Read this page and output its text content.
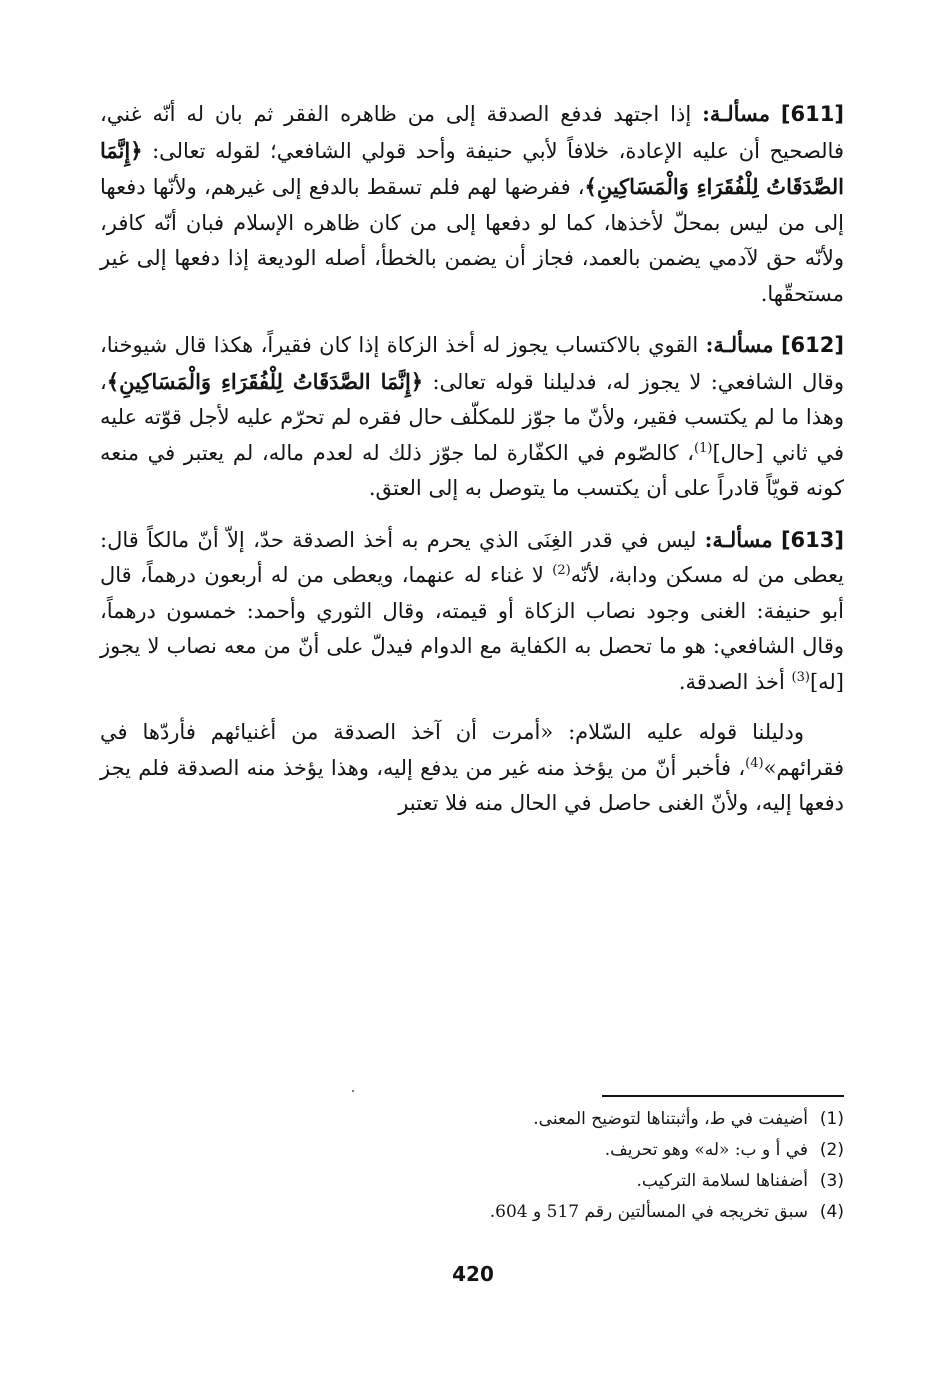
[611] مسألـة: إذا اجتهد فدفع الصدقة إلى من ظاهره الفقر ثم بان له أنّه غني، فالصحيح أن عليه الإعادة، خلافاً لأبي حنيفة وأحد قولي الشافعي؛ لقوله تعالى: ﴿إِنَّمَا الصَّدَقَاتُ لِلْفُقَرَاءِ وَالْمَسَاكِينِ﴾، ففرضها لهم فلم تسقط بالدفع إلى غيرهم، ولأنّها دفعها إلى من ليس بمحلّ لأخذها، كما لو دفعها إلى من كان ظاهره الإسلام فبان أنّه كافر، ولأنّه حق لآدمي يضمن بالعمد، فجاز أن يضمن بالخطأ، أصله الوديعة إذا دفعها إلى غير مستحقّها.

[612] مسألـة: القوي بالاكتساب يجوز له أخذ الزكاة إذا كان فقيراً، هكذا قال شيوخنا، وقال الشافعي: لا يجوز له، فدليلنا قوله تعالى: ﴿إِنَّمَا الصَّدَقَاتُ لِلْفُقَرَاءِ وَالْمَسَاكِينِ﴾، وهذا ما لم يكتسب فقير، ولأنّ ما جوّز للمكلّف حال فقره لم تحرّم عليه لأجل قوّته عليه في ثاني [حال]$^{(1)}$، كالصّوم في الكفّارة لما جوّز ذلك له لعدم ماله، لم يعتبر في منعه كونه قويّاً قادراً على أن يكتسب ما يتوصل به إلى العتق.

[613] مسألـة: ليس في قدر الغِنَى الذي يحرم به أخذ الصدقة حدّ، إلاّ أنّ مالكاً قال: يعطى من له مسكن ودابة، لأنّه$^{(2)}$ لا غناء له عنهما، ويعطى من له أربعون درهماً، قال أبو حنيفة: الغنى وجود نصاب الزكاة أو قيمته، وقال الثوري وأحمد: خمسون درهماً، وقال الشافعي: هو ما تحصل به الكفاية مع الدوام فيدلّ على أنّ من معه نصاب لا يجوز [له]$^{(3)}$ أخذ الصدقة.

ودليلنا قوله عليه السّلام: «أمرت أن آخذ الصدقة من أغنيائهم فأردّها في فقرائهم»$^{(4)}$، فأخبر أنّ من يؤخذ منه غير من يدفع إليه، وهذا يؤخذ منه الصدقة فلم يجز دفعها إليه، ولأنّ الغنى حاصل في الحال منه فلا تعتبر

(1)أضيفت في ط، وأثبتناها لتوضيح المعنى.
(2)في أ و ب: «له» وهو تحريف.
(3)أضفناها لسلامة التركيب.
(4)سبق تخريجه في المسألتين رقم 517 و 604.
420
